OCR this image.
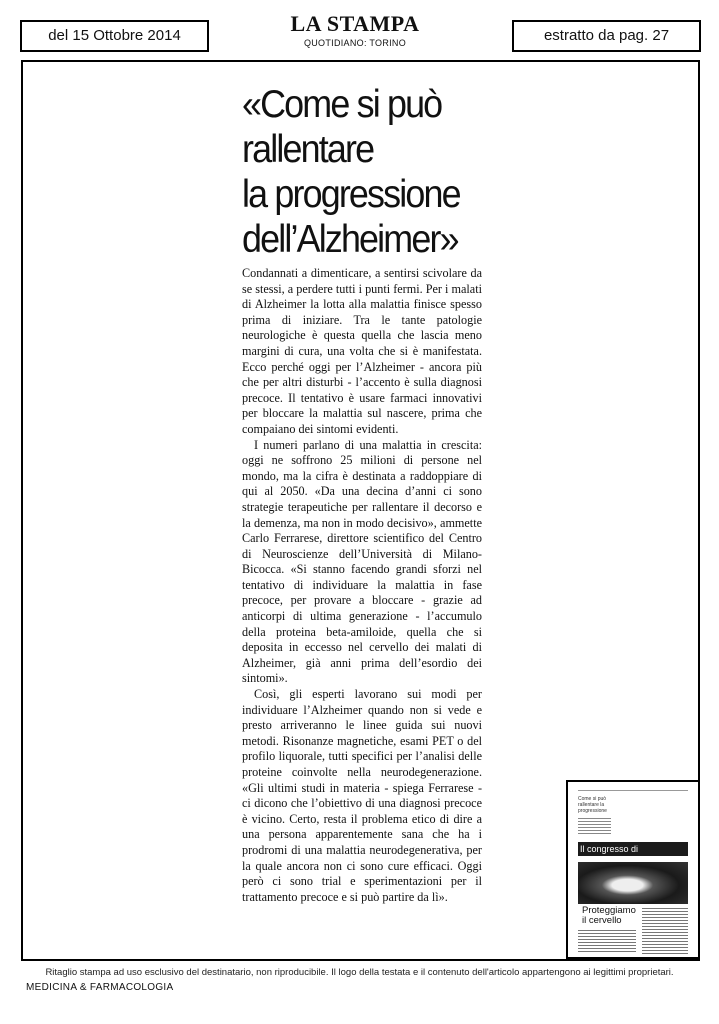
del 15 Ottobre 2014	LA STAMPA
QUOTIDIANO: TORINO	estratto da pag. 27
«Come si può
rallentare
la progressione
dell’Alzheimer»

Condannati a dimenticare, a sentirsi scivolare da se stessi, a perdere tutti i punti fermi. Per i malati di Alzheimer la lotta alla malattia finisce spesso prima di iniziare. Tra le tante patologie neurologiche è questa quella che lascia meno margini di cura, una volta che si è manifestata. Ecco perché oggi per l’Alzheimer - ancora più che per altri disturbi - l’accento è sulla diagnosi precoce. Il tentativo è usare farmaci innovativi per bloccare la malattia sul nascere, prima che compaiano dei sintomi evidenti.

I numeri parlano di una malattia in crescita: oggi ne soffrono 25 milioni di persone nel mondo, ma la cifra è destinata a raddoppiare di qui al 2050. «Da una decina d’anni ci sono strategie terapeutiche per rallentare il decorso e la demenza, ma non in modo decisivo», ammette Carlo Ferrarese, direttore scientifico del Centro di Neuroscienze dell’Università di Milano-Bicocca. «Si stanno facendo grandi sforzi nel tentativo di individuare la malattia in fase precoce, per provare a bloccare - grazie ad anticorpi di ultima generazione - l’accumulo della proteina beta-amiloide, quella che si deposita in eccesso nel cervello dei malati di Alzheimer, già anni prima dell’esordio dei sintomi».

Così, gli esperti lavorano sui modi per individuare l’Alzheimer quando non si vede e presto arriveranno le linee guida sui nuovi metodi. Risonanze magnetiche, esami PET o del profilo liquorale, tutti specifici per l’analisi delle proteine coinvolte nella neurodegenerazione. «Gli ultimi studi in materia - spiega Ferrarese - ci dicono che l’obiettivo di una diagnosi precoce è vicino. Certo, resta il problema etico di dire a una persona apparentemente sana che ha i prodromi di una malattia neurodegenerativa, per la quale ancora non ci sono cure efficaci. Oggi però ci sono trial e sperimentazioni per il trattamento precoce e si può partire da lì».

Come si può rallentare la progressione
Il congresso di
Proteggiamo il cervello
Ritaglio stampa ad uso esclusivo del destinatario, non riproducibile. Il logo della testata e il contenuto dell'articolo appartengono ai legittimi proprietari.
MEDICINA & FARMACOLOGIA
